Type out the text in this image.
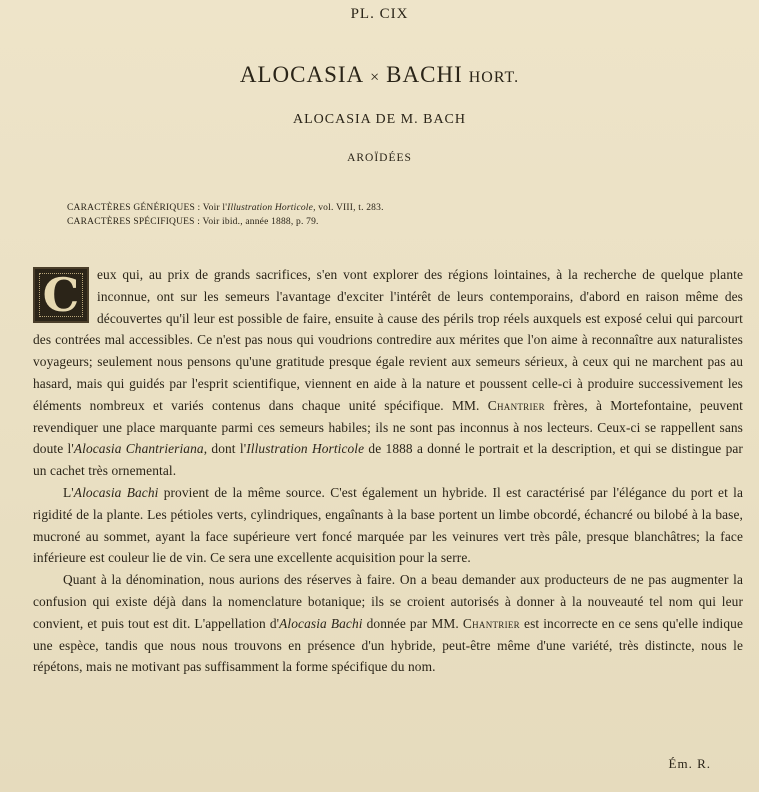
PL. CIX
ALOCASIA × BACHI HORT.
ALOCASIA DE M. BACH
AROÏDÉES
CARACTÈRES GÉNÉRIQUES : Voir l'Illustration Horticole, vol. VIII, t. 283.
CARACTÈRES SPÉCIFIQUES : Voir ibid., année 1888, p. 79.

C	eux qui, au prix de grands sacrifices, s'en vont explorer des régions lointaines, à la recherche de quelque plante inconnue, ont sur les semeurs l'avantage d'exciter l'intérêt de leurs contemporains, d'abord en raison même des découvertes qu'il leur est possible de faire, ensuite à cause des périls trop réels auxquels est exposé celui qui parcourt des contrées mal accessibles. Ce n'est pas nous qui voudrions contredire aux mérites que l'on aime à reconnaître aux naturalistes voyageurs; seulement nous pensons qu'une gratitude presque égale revient aux semeurs sérieux, à ceux qui ne marchent pas au hasard, mais qui guidés par l'esprit scientifique, viennent en aide à la nature et poussent celle-ci à produire successivement les éléments nombreux et variés contenus dans chaque unité spécifique. MM. Chantrier frères, à Mortefontaine, peuvent revendiquer une place marquante parmi ces semeurs habiles; ils ne sont pas inconnus à nos lecteurs. Ceux-ci se rappellent sans doute l'Alocasia Chantrieriana, dont l'Illustration Horticole de 1888 a donné le portrait et la description, et qui se distingue par un cachet très ornemental.

L'Alocasia Bachi provient de la même source. C'est également un hybride. Il est caractérisé par l'élégance du port et la rigidité de la plante. Les pétioles verts, cylindriques, engaînants à la base portent un limbe obcordé, échancré ou bilobé à la base, mucroné au sommet, ayant la face supérieure vert foncé marquée par les veinures vert très pâle, presque blanchâtres; la face inférieure est couleur lie de vin. Ce sera une excellente acquisition pour la serre.

Quant à la dénomination, nous aurions des réserves à faire. On a beau demander aux producteurs de ne pas augmenter la confusion qui existe déjà dans la nomenclature botanique; ils se croient autorisés à donner à la nouveauté tel nom qui leur convient, et puis tout est dit. L'appellation d'Alocasia Bachi donnée par MM. Chantrier est incorrecte en ce sens qu'elle indique une espèce, tandis que nous nous trouvons en présence d'un hybride, peut-être même d'une variété, très distincte, nous le répétons, mais ne motivant pas suffisamment la forme spécifique du nom.

Ém. R.
